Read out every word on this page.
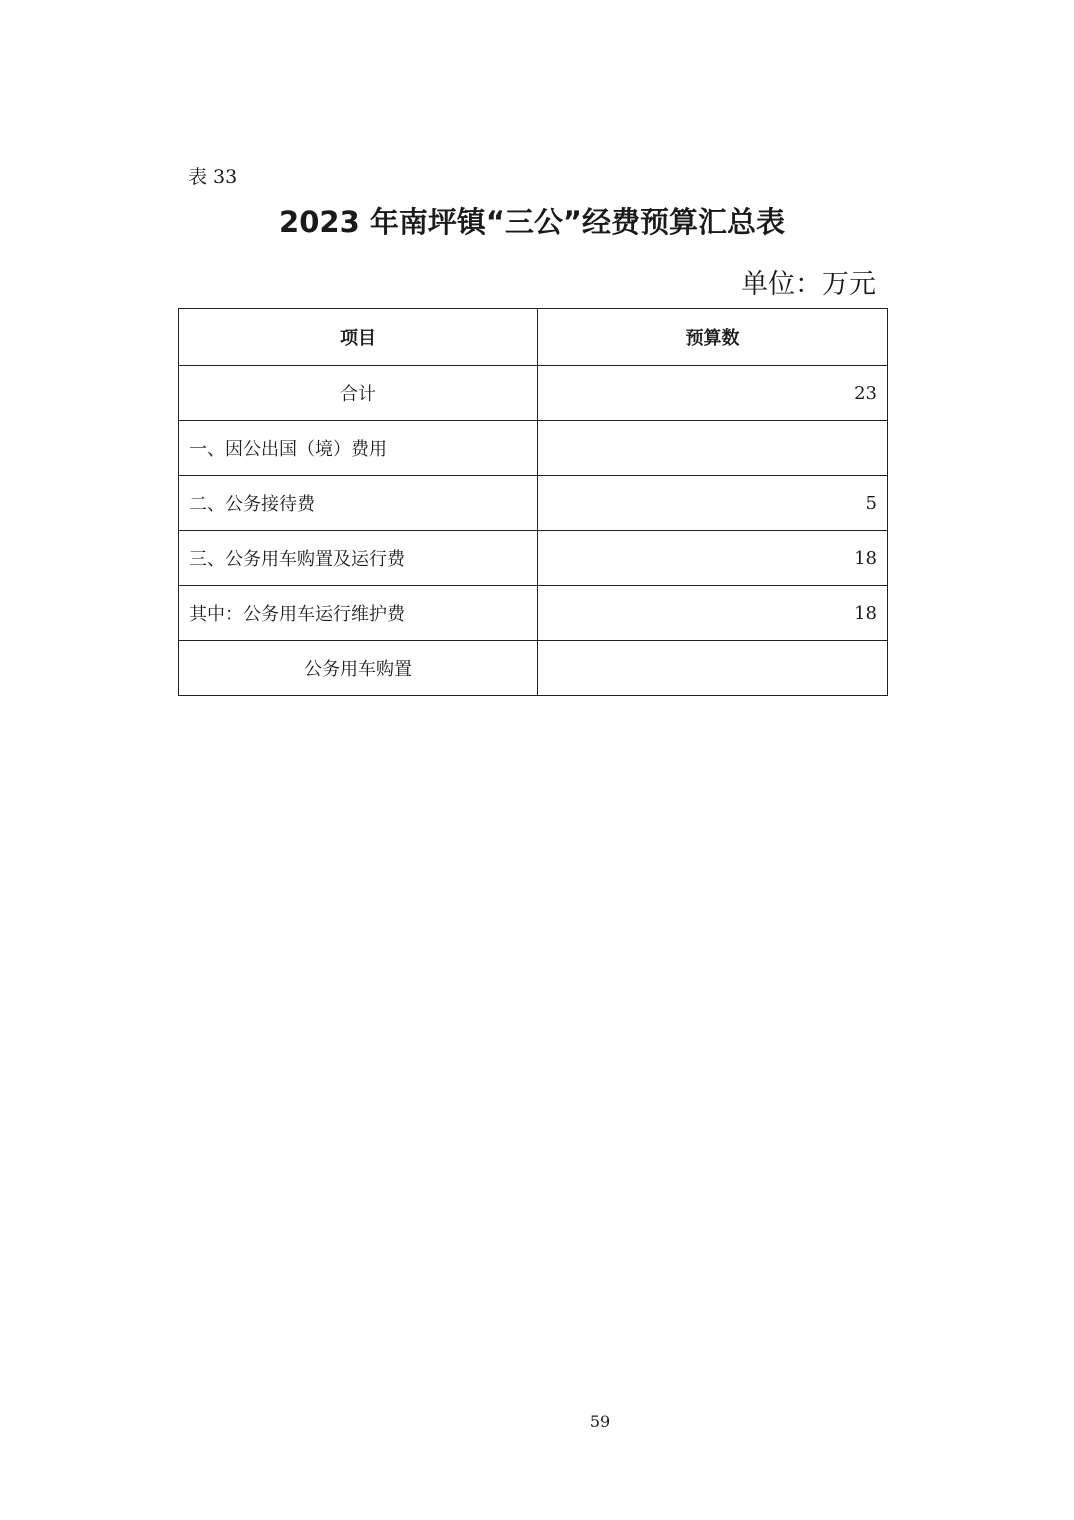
表 33
2023 年南坪镇“三公”经费预算汇总表
单位：万元
项目	预算数
合计	23
一、因公出国（境）费用	
二、公务接待费	5
三、公务用车购置及运行费	18
其中：公务用车运行维护费	18
公务用车购置	
59
